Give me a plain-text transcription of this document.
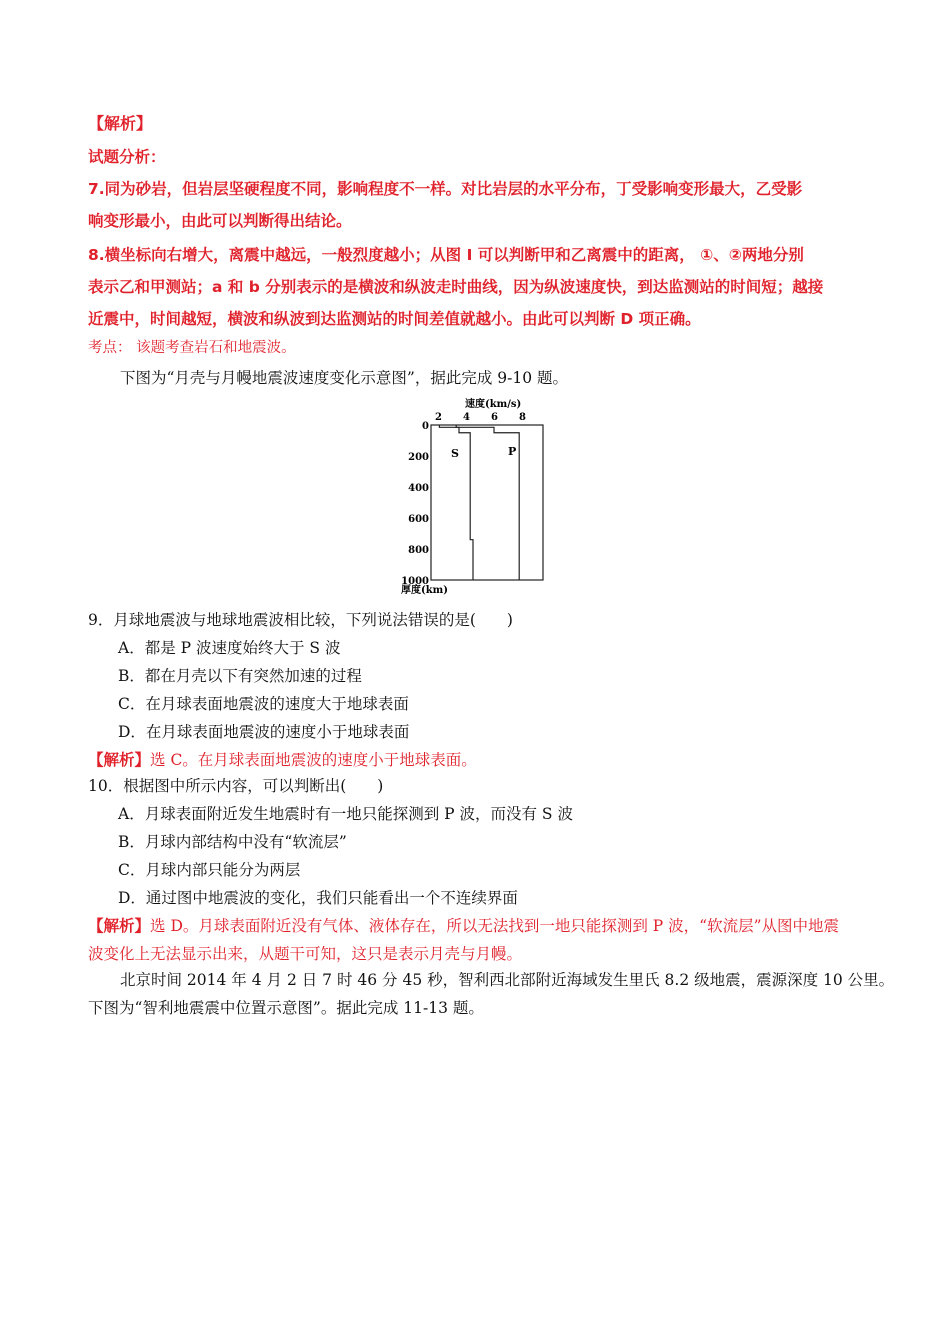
【解析】
试题分析：
7.同为砂岩，但岩层坚硬程度不同，影响程度不一样。对比岩层的水平分布，丁受影响变形最大，乙受影
响变形最小，由此可以判断得出结论。
8.横坐标向右增大，离震中越远，一般烈度越小；从图 I 可以判断甲和乙离震中的距离， ①、②两地分别
表示乙和甲测站；a 和 b 分别表示的是横波和纵波走时曲线，因为纵波速度快，到达监测站的时间短；越接
近震中，时间越短，横波和纵波到达监测站的时间差值就越小。由此可以判断 D 项正确。
考点： 该题考查岩石和地震波。
下图为“月壳与月幔地震波速度变化示意图”，据此完成 9-10 题。
速度(km/s)
2 4 6 8
0
200
400
600
800
1000
S	P
厚度(km)
9．月球地震波与地球地震波相比较，下列说法错误的是(　　)
A．都是 P 波速度始终大于 S 波
B．都在月壳以下有突然加速的过程
C．在月球表面地震波的速度大于地球表面
D．在月球表面地震波的速度小于地球表面
【解析】选 C。在月球表面地震波的速度小于地球表面。
10．根据图中所示内容，可以判断出(　　)
A．月球表面附近发生地震时有一地只能探测到 P 波，而没有 S 波
B．月球内部结构中没有“软流层”
C．月球内部只能分为两层
D．通过图中地震波的变化，我们只能看出一个不连续界面
【解析】选 D。月球表面附近没有气体、液体存在，所以无法找到一地只能探测到 P 波，“软流层”从图中地震
波变化上无法显示出来，从题干可知，这只是表示月壳与月幔。
北京时间 2014 年 4 月 2 日 7 时 46 分 45 秒，智利西北部附近海域发生里氏 8.2 级地震，震源深度 10 公里。
下图为“智利地震震中位置示意图”。据此完成 11-13 题。
